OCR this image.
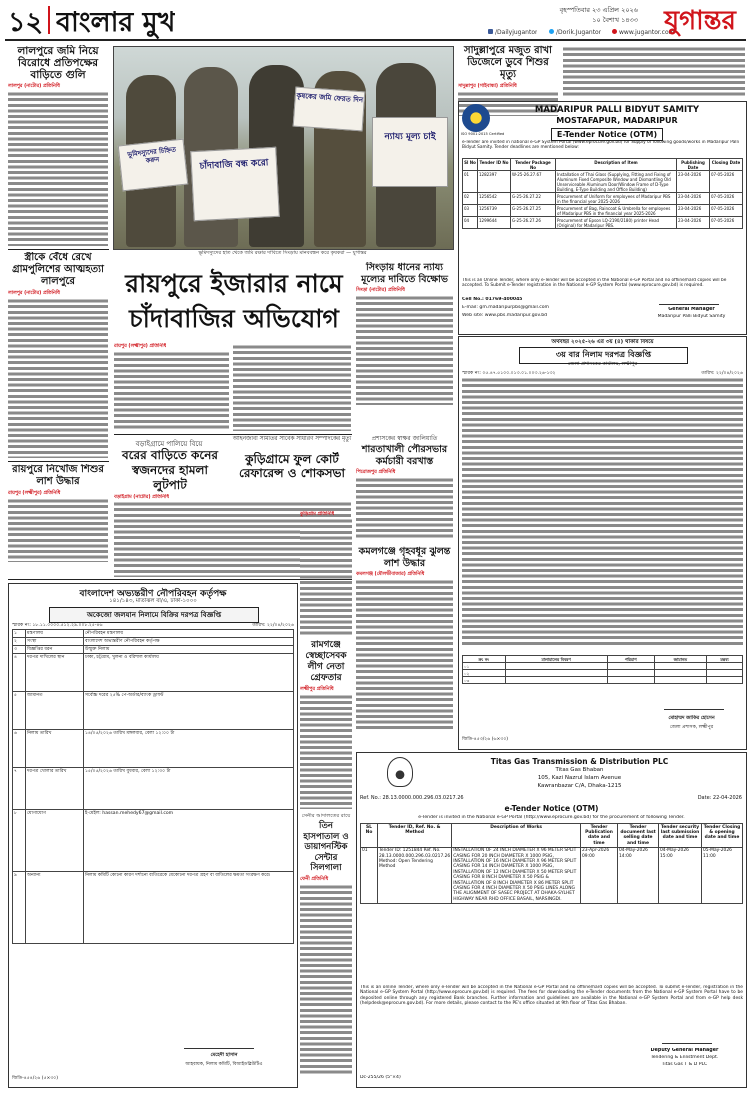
১২ বাংলার মুখ	বৃহস্পতিবার ২৩ এপ্রিল ২০২৬
১০ বৈশাখ ১৪৩৩
/Dailyjugantor	/Dorik.Jugantor	www.jugantor.com
যুগান্তর
লালপুরে জমি নিয়ে বিরোধে প্রতিপক্ষের বাড়িতে গুলি
লালপুর (নাটোর) প্রতিনিধি
স্ত্রীকে বেঁধে রেখে গ্রামপুলিশের আত্মহত্যা লালপুরে
লালপুর (নাটোর) প্রতিনিধি
রায়পুরে নিখোঁজ শিশুর লাশ উদ্ধার
রায়পুর (লক্ষ্মীপুর) প্রতিনিধি
ভূমিদস্যুদের চিহ্নিত করুন	চাঁদাবাজি বন্ধ করো
কৃষকের জমি ফেরত দিন
ন্যায্য মূল্য চাই
ভূমিদস্যুদের হাত থেকে জমি রক্ষার দাবিতে সিংড়ায় মানববন্ধন করে কৃষকরা — যুগান্তর
সাদুল্লাপুরে মজুত রাখা ডিজেলে ডুবে শিশুর মৃত্যু
সাদুল্লাপুর (গাইবান্ধা) প্রতিনিধি
MADARIPUR PALLI BIDYUT SAMITY
MOSTAFAPUR, MADARIPUR
ISO 9001:2015 Certified	E-Tender Notice (OTM)
e-Tender are invited in national e-GP System Portal (www.eprocure.gov.bd) for Supply of following goods/works in Madaripur Palli Bidyut Samity. Tender deadlines are mentioned below:
Sl No	Tender ID No	Tender Package No	Description of Item	Publishing Date	Closing Date
01	1282397	W-25-26.27.67	Installation of Thai Glass (Supplying, Fitting and Fixing of Aluminum Fixed Composite Window and Dismantling Old Unserviceable Aluminum Door/Window Frame of D-Type Building, E-Type Building and Office Building)	23-04-2026	07-05-2026
02	1256542	G-25-26.27.22	Procurement of Uniform for employees of Madaripur PBS in the financial year 2025-2026	23-04-2026	07-05-2026
03	1256739	G-25-26.27.25	Procurement of Bag, Raincoat & Umbrella for employees of Madaripur PBS in the financial year 2025-2026	23-04-2026	07-05-2026
04	1299644	G-25-26.27.26	Procurement of Epson LQ-2190/2180) printer Head (Original) for Madaripur PBS.	23-04-2026	07-05-2026
This is an Online Tender, where only e-Tender will be accepted in the National e-GP Portal and no offline/hard copies will be accepted. To Submit e-Tender registration in the National e-GP System Portal (www.eprocure.gov.bd) is required.
Cell No.: 01769-400045
E-mail: gm.madaripurpbs@gmail.com
Web site: www.pbs.madaripur.gov.bd
General Manager
Madaripur Palli Bidyut Samity
রায়পুরে ইজারার নামে চাঁদাবাজির অভিযোগ
রায়পুর (লক্ষ্মীপুর) প্রতিনিধি
সিংড়ায় ধানের ন্যায্য মূল্যের দাবিতে বিক্ষোভ
সিংড়া (নাটোর) প্রতিনিধি
প্রশাসকের স্বাক্ষর জালিয়াতি
শারতাখালী পৌরসভার কর্মচারী বরখাস্ত
পিরোজপুর প্রতিনিধি
বড়াইগ্রামে পালিয়ে বিয়ে
বরের বাড়িতে কনের স্বজনদের হামলা লুটপাট
বড়াইগ্রাম (নাটোর) প্রতিনিধি
আইনজীবী সমিতির সাবেক সাধারণ সম্পাদকের মৃত্যু
কুড়িগ্রামে ফুল কোর্ট রেফারেন্স ও শোকসভা
কুড়িগ্রাম প্রতিনিধি
অর্থবছর ২০২৫-২৬ এর ৩য় (৪) থাকার বিষয়ে
৩য় বার নিলাম দরপত্র বিজ্ঞপ্তি
জেলা প্রশাসকের কার্যালয়, লক্ষ্মীপুর
স্মারক নং: ০৫.৪৭.৫১০০.০১৩.০১.০০৩.২৬-১৩২	তারিখ: ২২/০৪/২০২৬
ক্র: নং	মালামালের বিবরণ	পরিমাণ	জামানত	মন্তব্য
০১				
০২				
০৩				
মোহাম্মদ জাকির হোসেন
জেলা প্রশাসক, লক্ষ্মীপুর
জিডি-৪৫৩/২৬ (৬×৩০)
বাংলাদেশ অভ্যন্তরীণ নৌপরিবহন কর্তৃপক্ষ
১৪১/১৪৩, মতিঝিল বা/এ, ঢাকা-১০০০
অকেজো জলযান নিলামে বিক্রির দরপত্র বিজ্ঞপ্তি
স্মারক নং: ১৮.১১.০০০০.৫১২.২৯.০০৮.২৫-৪৬	তারিখ: ২২/০৪/২০২৬
১	মন্ত্রণালয়	নৌপরিবহন মন্ত্রণালয়
২	সংস্থা	বাংলাদেশ অভ্যন্তরীণ নৌপরিবহন কর্তৃপক্ষ
৩	বিজ্ঞপ্তির ধরন	উন্মুক্ত নিলাম
৪	দরপত্র দাখিলের স্থান	ঢাকা, চট্টগ্রাম, খুলনা ও বরিশাল কার্যালয়
৫	জামানত	সর্বোচ্চ দরের ২৫% পে-অর্ডার/ব্যাংক ড্রাফট
৬	নিলাম তারিখ	১৪/০৫/২০২৬ তারিখ মঙ্গলবার, বেলা ১২:০০ টা
৭	দরপত্র খোলার তারিখ	১৫/০৫/২০২৬ তারিখ বুধবার, বেলা ১২:৩০ টা
৮	যোগাযোগ	ই-মেইল: hassan.mehedy67@gmail.com
৯	অন্যান্য	নিলাম কমিটি কোনো কারণ দর্শানো ব্যতিরেকে যেকোনো দরপত্র গ্রহণ বা বাতিলের ক্ষমতা সংরক্ষণ করে।
মেহেদী হাসান
আহবায়ক, নিলাম কমিটি, বিআইডব্লিউটিএ
জিডি-৪৫৪/২৬ (৫×৩০)
রামগঞ্জে স্বেচ্ছাসেবক লীগ নেতা গ্রেফতার
লক্ষ্মীপুর প্রতিনিধি
কমলগঞ্জে গৃহবধূর ঝুলন্ত লাশ উদ্ধার
কমলগঞ্জ (মৌলভীবাজার) প্রতিনিধি
সেনীর আদালতের রায়ে
তিন হাসপাতাল ও ডায়াগনস্টিক সেন্টার সিলগালা
ফেনী প্রতিনিধি
Titas Gas Transmission & Distribution PLC
Titas Gas Bhaban
105, Kazi Nazrul Islam Avenue
Kawranbazar C/A, Dhaka-1215
Ref. No.: 28.13.0000.000.296.03.0217.26	Date: 22-04-2026
e-Tender Notice (OTM)
e-Tender is invited in the National e-GP Portal (http://www.eprocure.gov.bd) for the procurement of following Tender.
SL No	Tender ID, Ref. No. & Method	Description of Works	Tender Publication date and time	Tender document last selling date and time	Tender security last submission date and time	Tender Closing & opening date and time
01	Tender ID: 1251844 Ref. No. 28.13.0000.000.296.03.0217.26 Method: Open Tendering Method	INSTALLATION OF 24 INCH DIAMETER X 96 METER SPLIT CASING FOR 20 INCH DIAMETER X 1000 PSIG, INSTALLATION OF 16 INCH DIAMETER X 96 METER SPLIT CASING FOR 14 INCH DIAMETER X 1000 PSIG, INSTALLATION OF 12 INCH DIAMETER X 50 METER SPLIT CASING FOR 8 INCH DIAMETER X 50 PSIG & INSTALLATION OF 8 INCH DIAMETER X 86 METER SPLIT CASING FOR 4 INCH DIAMETER X 50 PSIG LINES ALONG THE ALIGNMENT OF SASEC PROJECT AT DHAKA-SYLHET HIGHWAY NEAR RHD OFFICE BASAIL, NARSINGDI.	23-Apr-2026 09:00	04-May-2026 14:00	04-May-2026 15:00	05-May-2026 11:00
This is an online Tender, where only e-Tender will be accepted in the National e-GP Portal and no offline/hard copies will be accepted. To submit e-Tender, registration in the National e-GP System Portal (http://www.eprocure.gov.bd) is required. The fees for downloading the e-Tender documents from the National e-GP System Portal have to be deposited online through any registered Bank branches. Further information and guidelines are available in the National e-GP System Portal and from e-GP help desk (helpdesk@eprocure.gov.bd). For more details, please contact to the PE's office situated at 9th floor of Titas Gas Bhaban.
Deputy General Manager
Tendering & Enlistment Dept.
Titas Gas T & D PLC
Dc-255/26 (5"×4)
